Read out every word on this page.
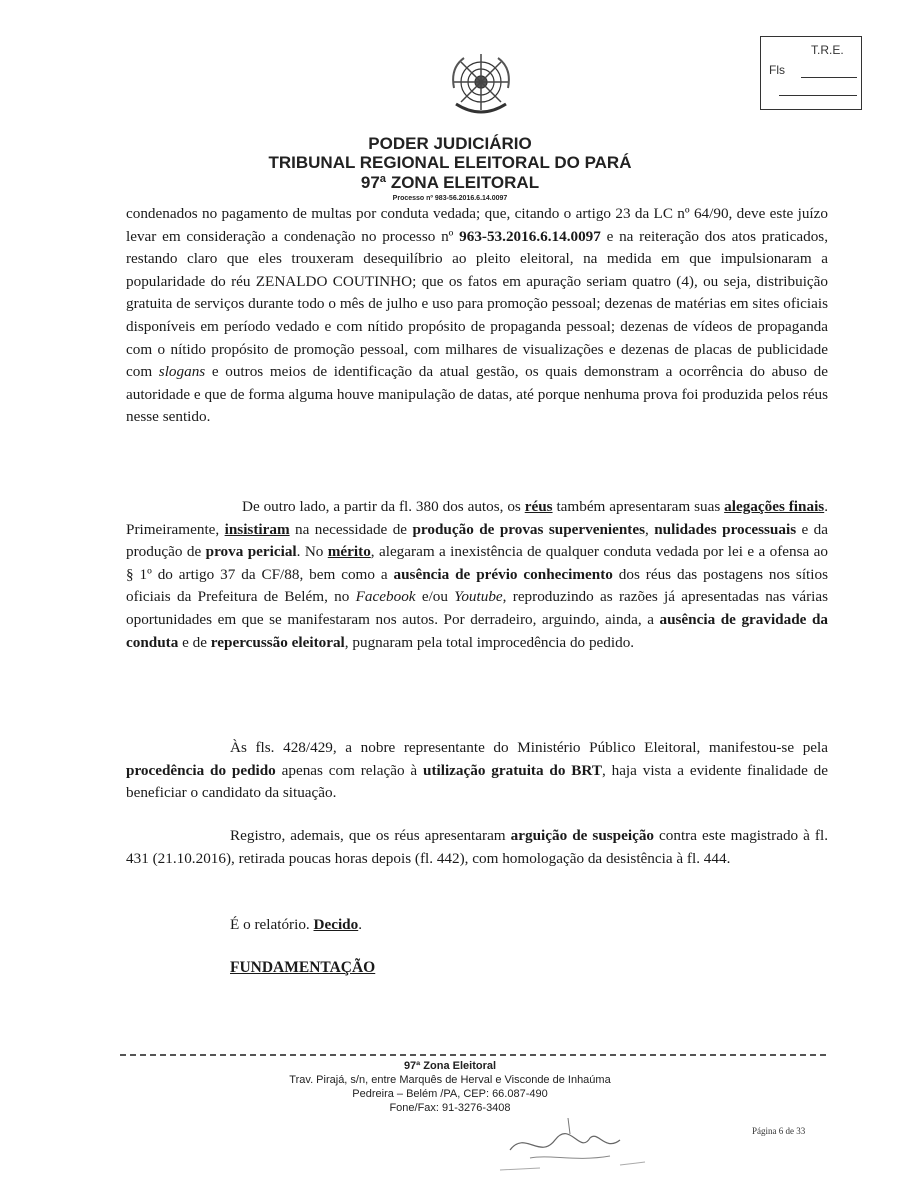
T.R.E.
Fls
PODER JUDICIÁRIO
TRIBUNAL REGIONAL ELEITORAL DO PARÁ
97ª ZONA ELEITORAL
Processo nº 983-56.2016.6.14.0097
condenados no pagamento de multas por conduta vedada; que, citando o artigo 23 da LC nº 64/90, deve este juízo levar em consideração a condenação no processo nº 963-53.2016.6.14.0097 e na reiteração dos atos praticados, restando claro que eles trouxeram desequilíbrio ao pleito eleitoral, na medida em que impulsionaram a popularidade do réu ZENALDO COUTINHO; que os fatos em apuração seriam quatro (4), ou seja, distribuição gratuita de serviços durante todo o mês de julho e uso para promoção pessoal; dezenas de matérias em sites oficiais disponíveis em período vedado e com nítido propósito de propaganda pessoal; dezenas de vídeos de propaganda com o nítido propósito de promoção pessoal, com milhares de visualizações e dezenas de placas de publicidade com slogans e outros meios de identificação da atual gestão, os quais demonstram a ocorrência do abuso de autoridade e que de forma alguma houve manipulação de datas, até porque nenhuma prova foi produzida pelos réus nesse sentido.
De outro lado, a partir da fl. 380 dos autos, os réus também apresentaram suas alegações finais. Primeiramente, insistiram na necessidade de produção de provas supervenientes, nulidades processuais e da produção de prova pericial. No mérito, alegaram a inexistência de qualquer conduta vedada por lei e a ofensa ao § 1º do artigo 37 da CF/88, bem como a ausência de prévio conhecimento dos réus das postagens nos sítios oficiais da Prefeitura de Belém, no Facebook e/ou Youtube, reproduzindo as razões já apresentadas nas várias oportunidades em que se manifestaram nos autos. Por derradeiro, arguindo, ainda, a ausência de gravidade da conduta e de repercussão eleitoral, pugnaram pela total improcedência do pedido.
Às fls. 428/429, a nobre representante do Ministério Público Eleitoral, manifestou-se pela procedência do pedido apenas com relação à utilização gratuita do BRT, haja vista a evidente finalidade de beneficiar o candidato da situação.
Registro, ademais, que os réus apresentaram arguição de suspeição contra este magistrado à fl. 431 (21.10.2016), retirada poucas horas depois (fl. 442), com homologação da desistência à fl. 444.
É o relatório. Decido.
FUNDAMENTAÇÃO
97ª Zona Eleitoral
Trav. Pirajá, s/n, entre Marquês de Herval e Visconde de Inhaúma
Pedreira – Belém /PA, CEP: 66.087-490
Fone/Fax: 91-3276-3408
Página 6 de 33
